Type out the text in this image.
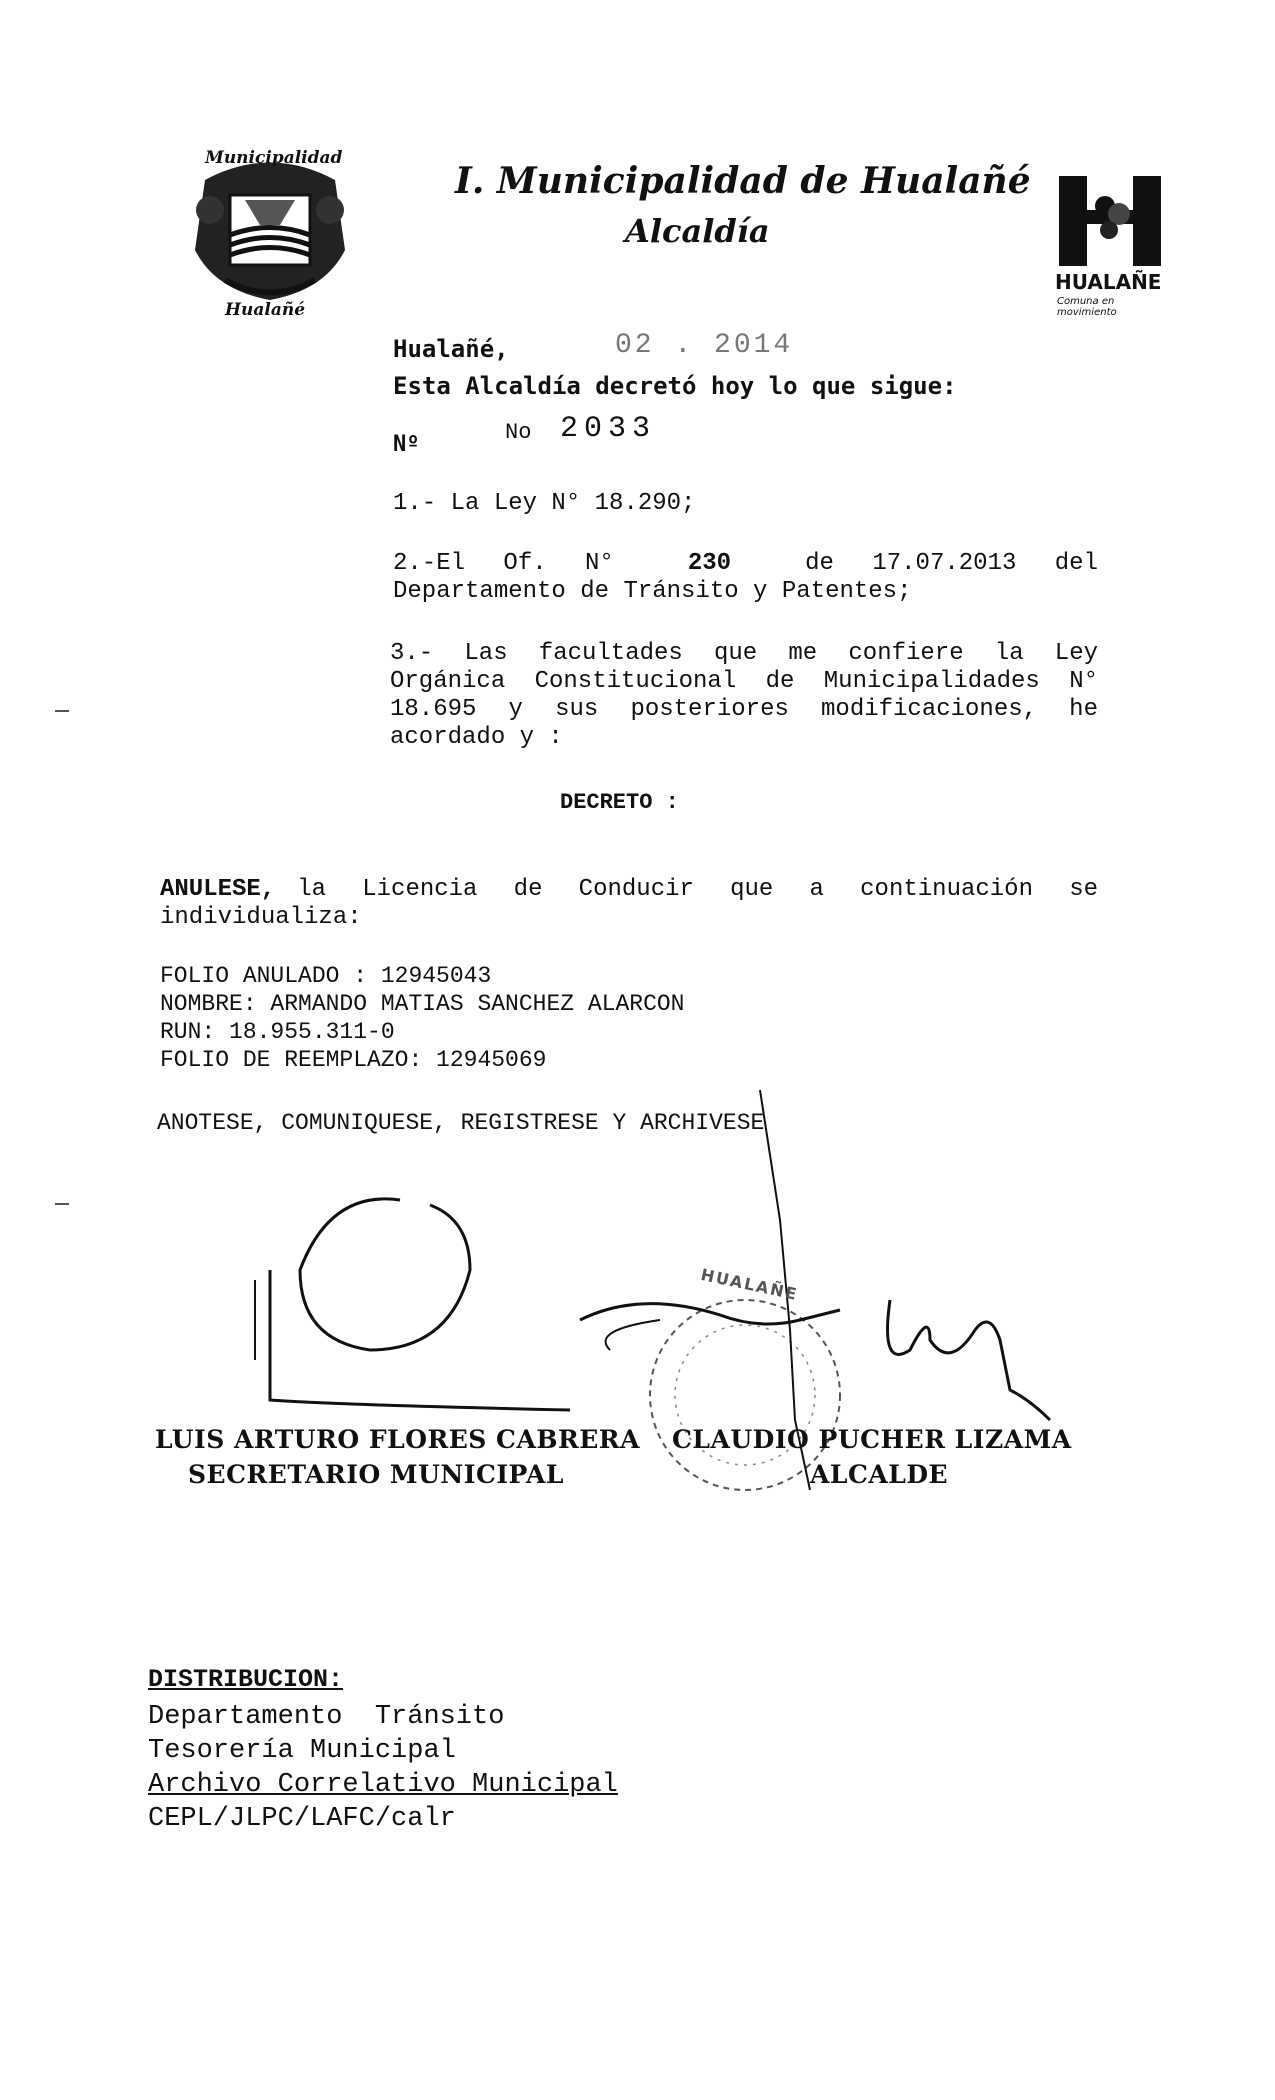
Municipalidad
Hualañé
I. Municipalidad de Hualañé
Alcaldía
HUALAÑE
Comuna en movimiento
Hualañé,	02 . 2014
Esta Alcaldía decretó hoy lo que sigue:
Nº	No 2033
1.- La Ley N° 18.290;
2.-El Of. N°	230	de 17.07.2013 del
Departamento de Tránsito y Patentes;
3.- Las facultades que me confiere la Ley
Orgánica Constitucional de Municipalidades N°
18.695 y sus posteriores modificaciones, he
acordado y :
DECRETO :
ANULESE, la Licencia de Conducir que a continuación se
individualiza:
FOLIO ANULADO : 12945043
NOMBRE: ARMANDO MATIAS SANCHEZ ALARCON
RUN: 18.955.311-0
FOLIO DE REEMPLAZO: 12945069
ANOTESE, COMUNIQUESE, REGISTRESE Y ARCHIVESE
HUALAÑE
LUIS ARTURO FLORES CABRERA
SECRETARIO MUNICIPAL
CLAUDIO PUCHER LIZAMA
ALCALDE
DISTRIBUCION:
Departamento  Tránsito
Tesorería Municipal
Archivo Correlativo Municipal
CEPL/JLPC/LAFC/calr
